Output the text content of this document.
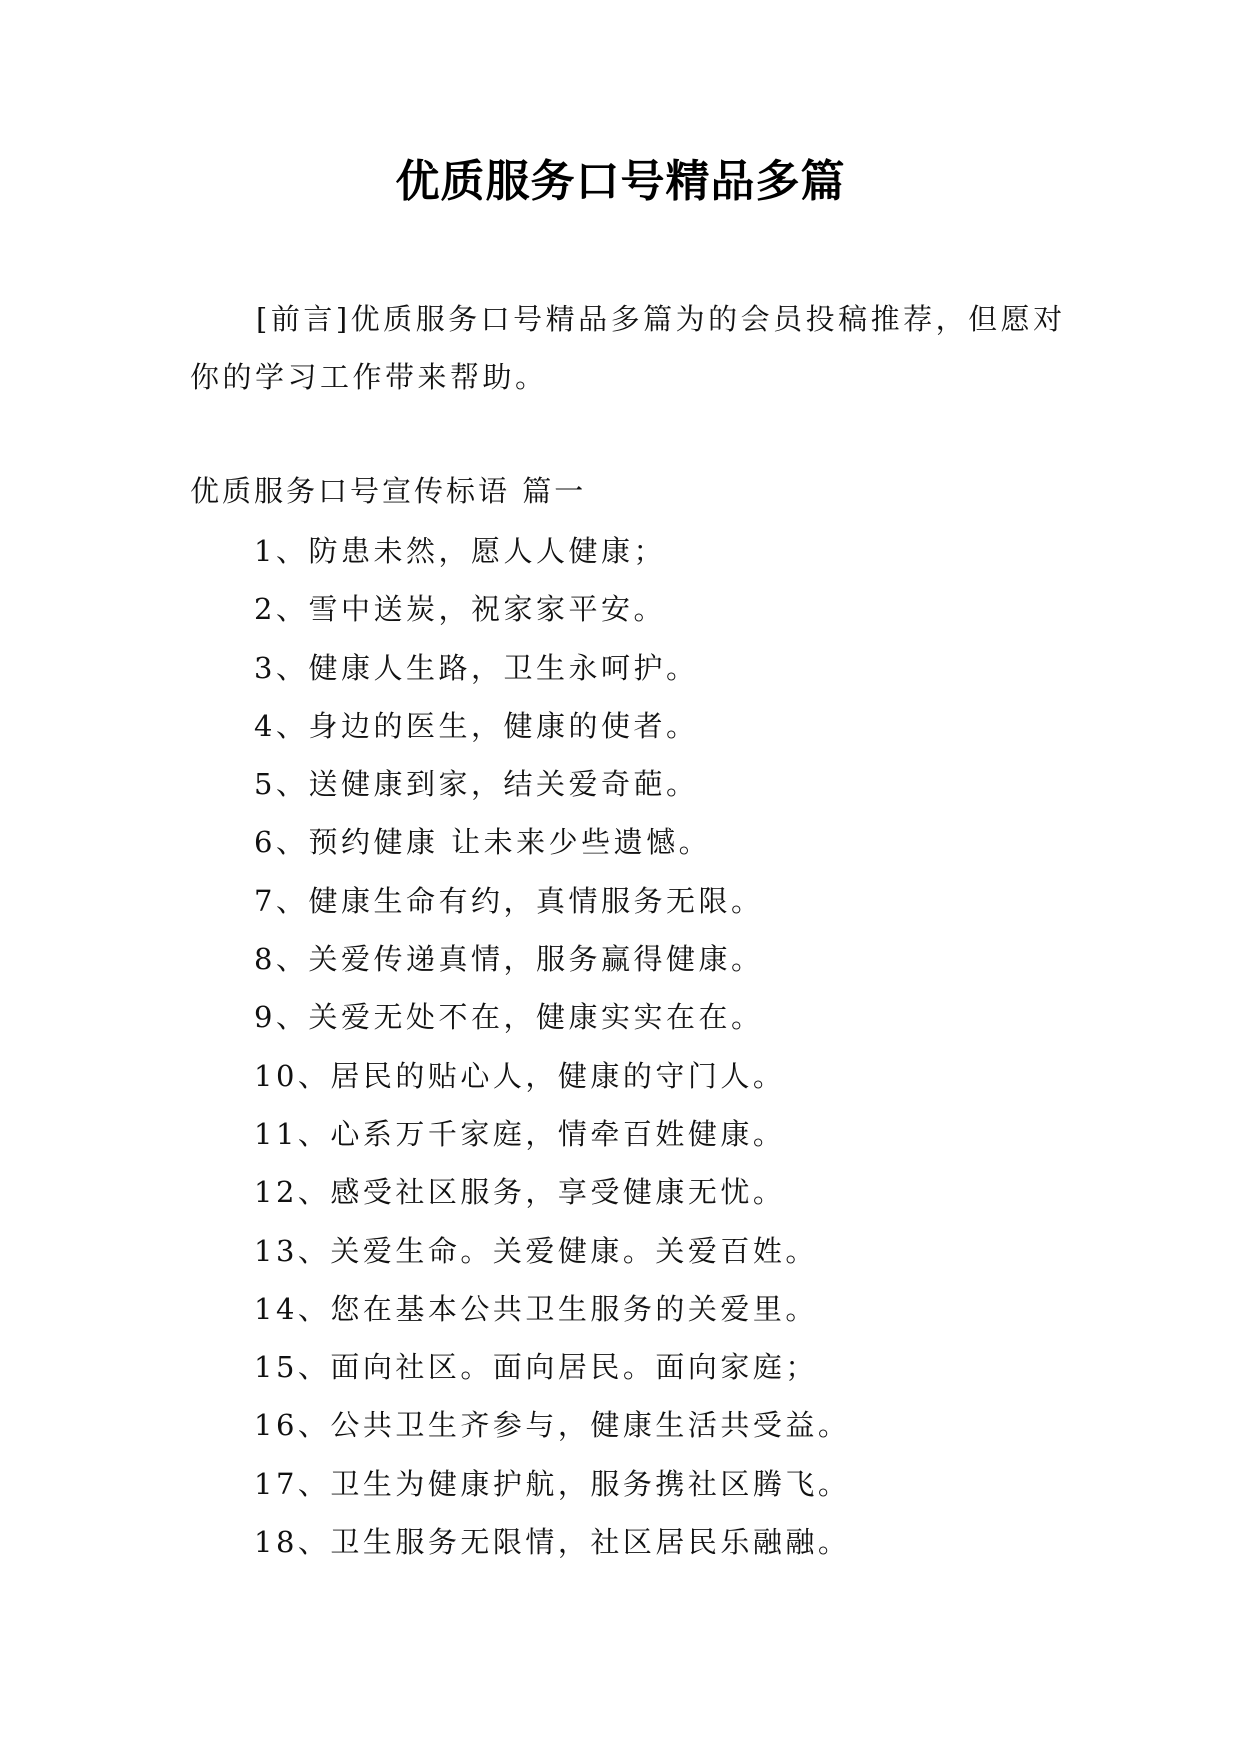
优质服务口号精品多篇

[前言]优质服务口号精品多篇为的会员投稿推荐，但愿对你的学习工作带来帮助。

优质服务口号宣传标语 篇一
1、防患未然，愿人人健康；
2、雪中送炭，祝家家平安。
3、健康人生路，卫生永呵护。
4、身边的医生，健康的使者。
5、送健康到家，结关爱奇葩。
6、预约健康 让未来少些遗憾。
7、健康生命有约，真情服务无限。
8、关爱传递真情，服务赢得健康。
9、关爱无处不在，健康实实在在。
10、居民的贴心人，健康的守门人。
11、心系万千家庭，情牵百姓健康。
12、感受社区服务，享受健康无忧。
13、关爱生命。关爱健康。关爱百姓。
14、您在基本公共卫生服务的关爱里。
15、面向社区。面向居民。面向家庭；
16、公共卫生齐参与，健康生活共受益。
17、卫生为健康护航，服务携社区腾飞。
18、卫生服务无限情，社区居民乐融融。
